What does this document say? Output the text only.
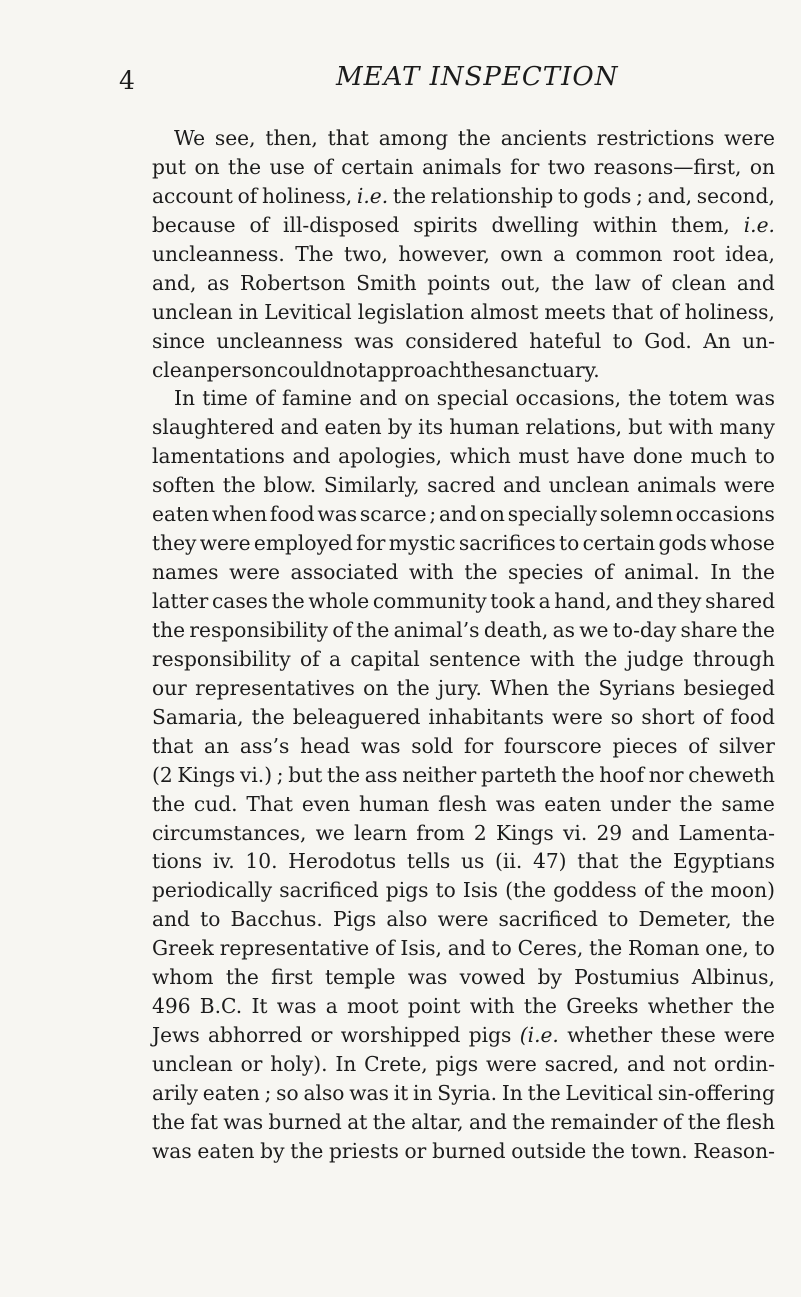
4	MEAT INSPECTION
We see, then, that among the ancients restrictions were
put on the use of certain animals for two reasons—first, on
account of holiness, i.e. the relationship to gods ; and, second,
because of ill-disposed spirits dwelling within them, i.e.
uncleanness. The two, however, own a common root idea,
and, as Robertson Smith points out, the law of clean and
unclean in Levitical legislation almost meets that of holiness,
since uncleanness was considered hateful to God. An un-
clean person could not approach the sanctuary.
In time of famine and on special occasions, the totem was
slaughtered and eaten by its human relations, but with many
lamentations and apologies, which must have done much to
soften the blow. Similarly, sacred and unclean animals were
eaten when food was scarce ; and on specially solemn occasions
they were employed for mystic sacrifices to certain gods whose
names were associated with the species of animal. In the
latter cases the whole community took a hand, and they shared
the responsibility of the animal’s death, as we to-day share the
responsibility of a capital sentence with the judge through
our representatives on the jury. When the Syrians besieged
Samaria, the beleaguered inhabitants were so short of food
that an ass’s head was sold for fourscore pieces of silver
(2 Kings vi.) ; but the ass neither parteth the hoof nor cheweth
the cud. That even human flesh was eaten under the same
circumstances, we learn from 2 Kings vi. 29 and Lamenta-
tions iv. 10. Herodotus tells us (ii. 47) that the Egyptians
periodically sacrificed pigs to Isis (the goddess of the moon)
and to Bacchus. Pigs also were sacrificed to Demeter, the
Greek representative of Isis, and to Ceres, the Roman one, to
whom the first temple was vowed by Postumius Albinus,
496 B.C. It was a moot point with the Greeks whether the
Jews abhorred or worshipped pigs (i.e. whether these were
unclean or holy). In Crete, pigs were sacred, and not ordin-
arily eaten ; so also was it in Syria. In the Levitical sin-offering
the fat was burned at the altar, and the remainder of the flesh
was eaten by the priests or burned outside the town. Reason-
